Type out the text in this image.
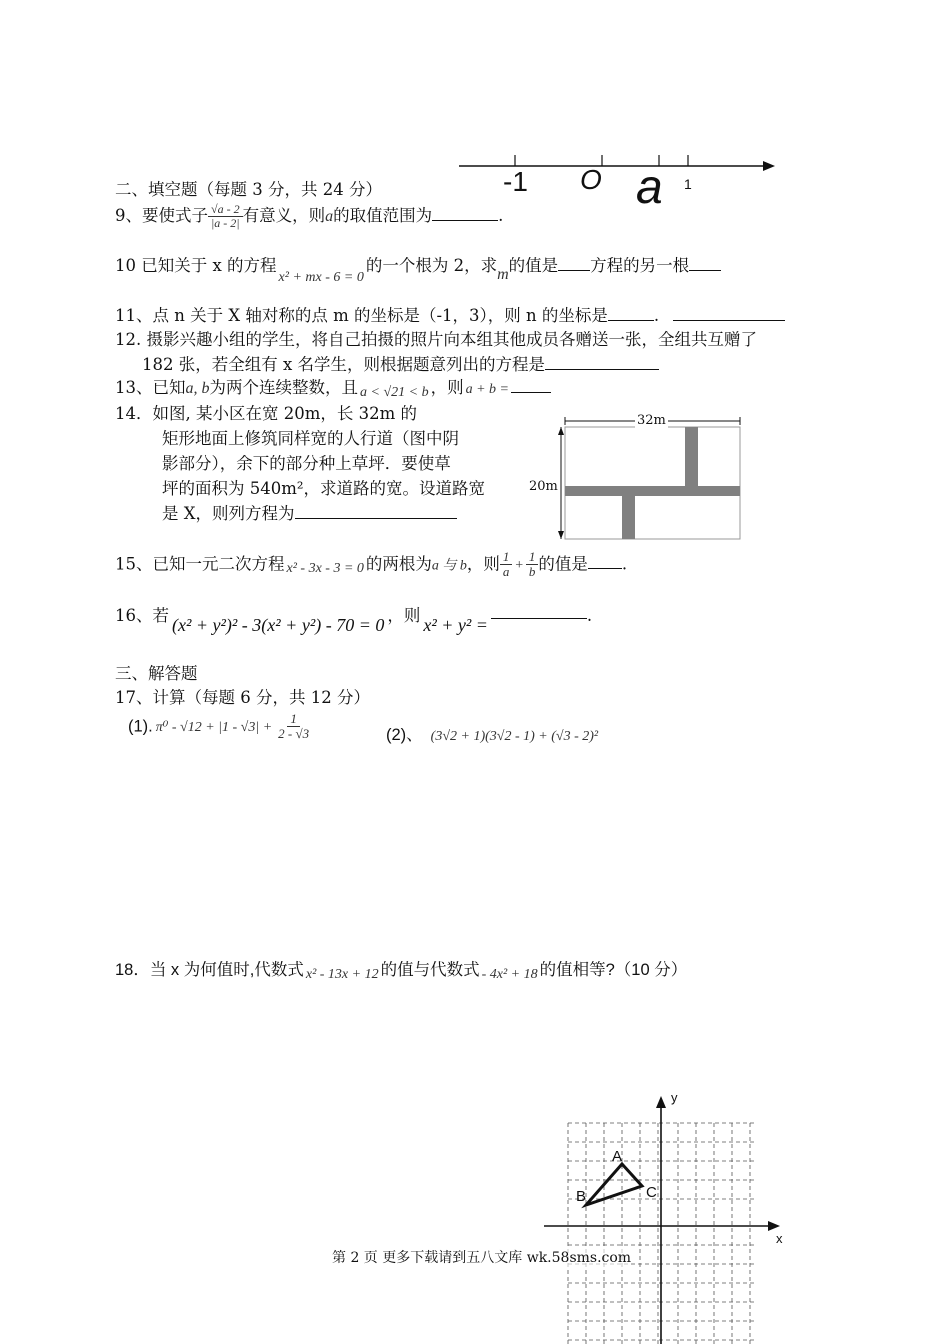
-1 O a 1
二、填空题（每题 3 分，共 24 分）
9、要使式子 $\frac{√a - 2}{|a - 2|}$ 有意义，则a的取值范围为	.
10 已知关于 x 的方程$_{x^2 + mx - 6 = 0}$的一个根为 2，求m的值是 方程的另一根
11、点 n 关于 X 轴对称的点 m 的坐标是（-1，3），则 n 的坐标是	.
12. 摄影兴趣小组的学生，将自己拍摄的照片向本组其他成员各赠送一张，全组共互赠了
182 张，若全组有 x 名学生，则根据题意列出的方程是
13、已知a, b为两个连续整数，且 a < √21 < b ，则 a + b =
14．如图, 某小区在宽 20m，长 32m 的
矩形地面上修筑同样宽的人行道（图中阴
影部分），余下的部分种上草坪．要使草
坪的面积为 540m²，求道路的宽。设道路宽
是 X，则列方程为
32m
20m
15、已知一元二次方程 x² - 3x - 3 = 0 的两根为a 与 b，则 $\frac{1}{a} + \frac{1}{b}$ 的值是 .
16、若 (x² + y²)² - 3(x² + y²) - 70 = 0 ，则 x² + y² =	.
三、解答题
17、计算（每题 6 分，共 12 分）
(1). $\pi^0 - √12 + |1 - √3| + \frac{1}{2 - √3}$	(2)、 (3√2 + 1)(3√2 - 1) + (√3 - 2)²
18．当 x 为何值时,代数式 x² - 13x + 12 的值与代数式 - 4x² + 18 的值相等?（10 分）
y
x
A
B	C
第 2 页 更多下载请到五八文库 wk.58sms.com
